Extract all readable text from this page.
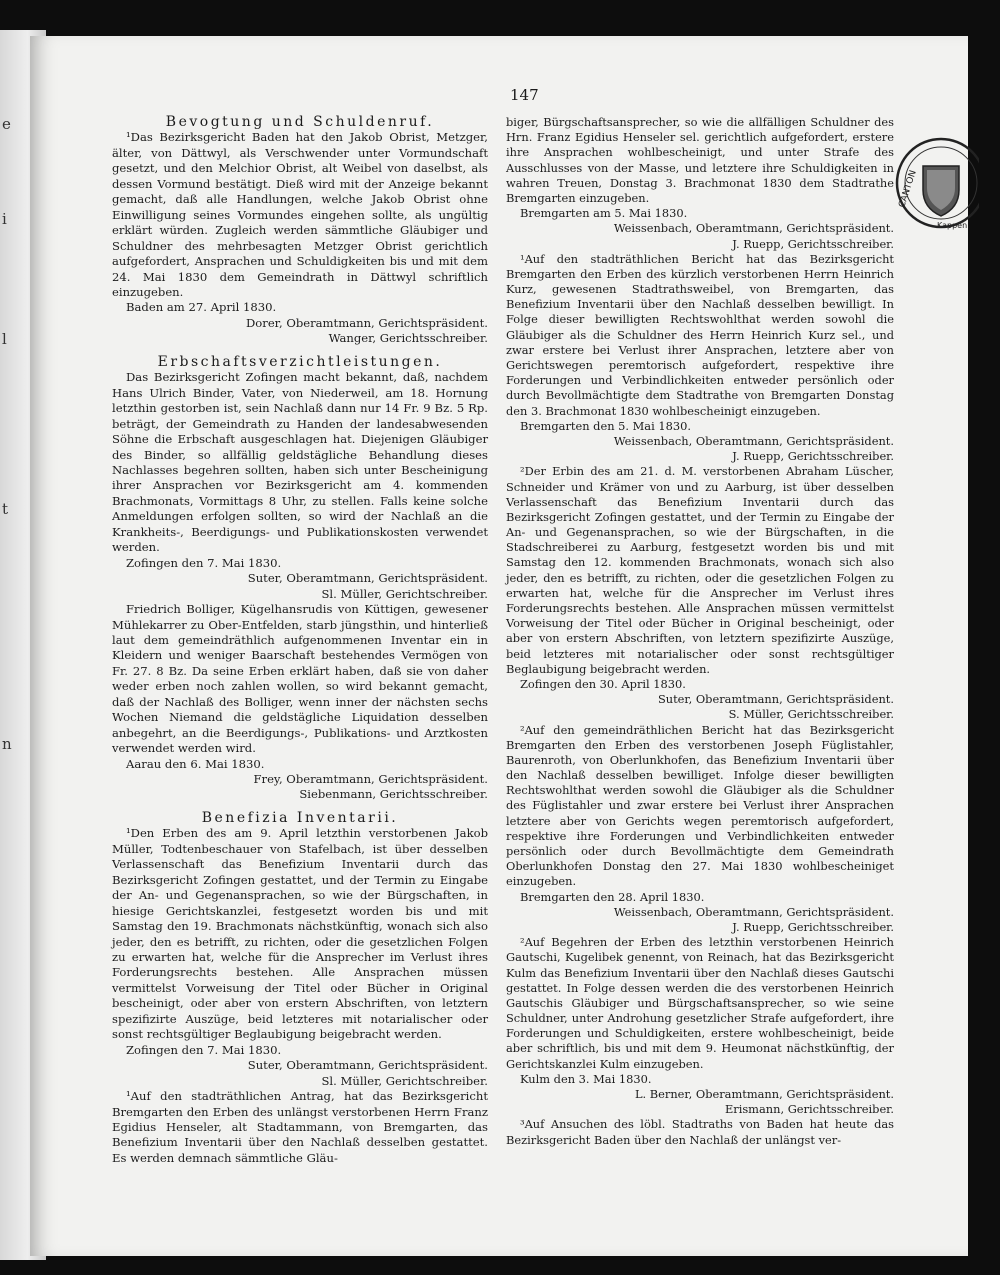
e
i
l
t
n
147

Bevogtung und Schuldenruf.

¹Das Bezirksgericht Baden hat den Jakob Obrist, Metzger, älter, von Dättwyl, als Verschwender unter Vormundschaft gesetzt, und den Melchior Obrist, alt Weibel von daselbst, als dessen Vormund bestätigt. Dieß wird mit der Anzeige bekannt gemacht, daß alle Handlungen, welche Jakob Obrist ohne Einwilligung seines Vormundes eingehen sollte, als ungültig erklärt würden. Zugleich werden sämmtliche Gläubiger und Schuldner des mehrbesagten Metzger Obrist gerichtlich aufgefordert, Ansprachen und Schuldigkeiten bis und mit dem 24. Mai 1830 dem Gemeindrath in Dättwyl schriftlich einzugeben.

Baden am 27. April 1830.

Dorer, Oberamtmann, Gerichtspräsident.

Wanger, Gerichtsschreiber.

Erbschaftsverzichtleistungen.

Das Bezirksgericht Zofingen macht bekannt, daß, nachdem Hans Ulrich Binder, Vater, von Niederweil, am 18. Hornung letzthin gestorben ist, sein Nachlaß dann nur 14 Fr. 9 Bz. 5 Rp. beträgt, der Gemeindrath zu Handen der landesabwesenden Söhne die Erbschaft ausgeschlagen hat. Diejenigen Gläubiger des Binder, so allfällig geldstägliche Behandlung dieses Nachlasses begehren sollten, haben sich unter Bescheinigung ihrer Ansprachen vor Bezirksgericht am 4. kommenden Brachmonats, Vormittags 8 Uhr, zu stellen. Falls keine solche Anmeldungen erfolgen sollten, so wird der Nachlaß an die Krankheits-, Beerdigungs- und Publikationskosten verwendet werden.

Zofingen den 7. Mai 1830.

Suter, Oberamtmann, Gerichtspräsident.

Sl. Müller, Gerichtschreiber.

Friedrich Bolliger, Kügelhansrudis von Küttigen, gewesener Mühlekarrer zu Ober-Entfelden, starb jüngsthin, und hinterließ laut dem gemeindräthlich aufgenommenen Inventar ein in Kleidern und weniger Baarschaft bestehendes Vermögen von Fr. 27. 8 Bz. Da seine Erben erklärt haben, daß sie von daher weder erben noch zahlen wollen, so wird bekannt gemacht, daß der Nachlaß des Bolliger, wenn inner der nächsten sechs Wochen Niemand die geldstägliche Liquidation desselben anbegehrt, an die Beerdigungs-, Publikations- und Arztkosten verwendet werden wird.

Aarau den 6. Mai 1830.

Frey, Oberamtmann, Gerichtspräsident.

Siebenmann, Gerichtsschreiber.

Benefizia Inventarii.

¹Den Erben des am 9. April letzthin verstorbenen Jakob Müller, Todtenbeschauer von Stafelbach, ist über desselben Verlassenschaft das Benefizium Inventarii durch das Bezirksgericht Zofingen gestattet, und der Termin zu Eingabe der An- und Gegenansprachen, so wie der Bürgschaften, in hiesige Gerichtskanzlei, festgesetzt worden bis und mit Samstag den 19. Brachmonats nächstkünftig, wonach sich also jeder, den es betrifft, zu richten, oder die gesetzlichen Folgen zu erwarten hat, welche für die Ansprecher im Verlust ihres Forderungsrechts bestehen. Alle Ansprachen müssen vermittelst Vorweisung der Titel oder Bücher in Original bescheinigt, oder aber von erstern Abschriften, von letztern spezifizirte Auszüge, beid letzteres mit notarialischer oder sonst rechtsgültiger Beglaubigung beigebracht werden.

Zofingen den 7. Mai 1830.

Suter, Oberamtmann, Gerichtspräsident.

Sl. Müller, Gerichtschreiber.

¹Auf den stadträthlichen Antrag, hat das Bezirksgericht Bremgarten den Erben des unlängst verstorbenen Herrn Franz Egidius Henseler, alt Stadtammann, von Bremgarten, das Benefizium Inventarii über den Nachlaß desselben gestattet. Es werden demnach sämmtliche Gläu-

biger, Bürgschaftsansprecher, so wie die allfälligen Schuldner des Hrn. Franz Egidius Henseler sel. gerichtlich aufgefordert, erstere ihre Ansprachen wohlbescheinigt, und unter Strafe des Ausschlusses von der Masse, und letztere ihre Schuldigkeiten in wahren Treuen, Donstag 3. Brachmonat 1830 dem Stadtrathe Bremgarten einzugeben.

Bremgarten am 5. Mai 1830.

Weissenbach, Oberamtmann, Gerichtspräsident.

J. Ruepp, Gerichtsschreiber.

¹Auf den stadträthlichen Bericht hat das Bezirksgericht Bremgarten den Erben des kürzlich verstorbenen Herrn Heinrich Kurz, gewesenen Stadtrathsweibel, von Bremgarten, das Benefizium Inventarii über den Nachlaß desselben bewilligt. In Folge dieser bewilligten Rechtswohlthat werden sowohl die Gläubiger als die Schuldner des Herrn Heinrich Kurz sel., und zwar erstere bei Verlust ihrer Ansprachen, letztere aber von Gerichtswegen peremtorisch aufgefordert, respektive ihre Forderungen und Verbindlichkeiten entweder persönlich oder durch Bevollmächtigte dem Stadtrathe von Bremgarten Donstag den 3. Brachmonat 1830 wohlbescheinigt einzugeben.

Bremgarten den 5. Mai 1830.

Weissenbach, Oberamtmann, Gerichtspräsident.

J. Ruepp, Gerichtsschreiber.

²Der Erbin des am 21. d. M. verstorbenen Abraham Lüscher, Schneider und Krämer von und zu Aarburg, ist über desselben Verlassenschaft das Benefizium Inventarii durch das Bezirksgericht Zofingen gestattet, und der Termin zu Eingabe der An- und Gegenansprachen, so wie der Bürgschaften, in die Stadschreiberei zu Aarburg, festgesetzt worden bis und mit Samstag den 12. kommenden Brachmonats, wonach sich also jeder, den es betrifft, zu richten, oder die gesetzlichen Folgen zu erwarten hat, welche für die Ansprecher im Verlust ihres Forderungsrechts bestehen. Alle Ansprachen müssen vermittelst Vorweisung der Titel oder Bücher in Original bescheinigt, oder aber von erstern Abschriften, von letztern spezifizirte Auszüge, beid letzteres mit notarialischer oder sonst rechtsgültiger Beglaubigung beigebracht werden.

Zofingen den 30. April 1830.

Suter, Oberamtmann, Gerichtspräsident.

S. Müller, Gerichtsschreiber.

²Auf den gemeindräthlichen Bericht hat das Bezirksgericht Bremgarten den Erben des verstorbenen Joseph Füglistahler, Baurenroth, von Oberlunkhofen, das Benefizium Inventarii über den Nachlaß desselben bewilliget. Infolge dieser bewilligten Rechtswohlthat werden sowohl die Gläubiger als die Schuldner des Füglistahler und zwar erstere bei Verlust ihrer Ansprachen letztere aber von Gerichts wegen peremtorisch aufgefordert, respektive ihre Forderungen und Verbindlichkeiten entweder persönlich oder durch Bevollmächtigte dem Gemeindrath Oberlunkhofen Donstag den 27. Mai 1830 wohlbescheiniget einzugeben.

Bremgarten den 28. April 1830.

Weissenbach, Oberamtmann, Gerichtspräsident.

J. Ruepp, Gerichtsschreiber.

²Auf Begehren der Erben des letzthin verstorbenen Heinrich Gautschi, Kugelibek genennt, von Reinach, hat das Bezirksgericht Kulm das Benefizium Inventarii über den Nachlaß dieses Gautschi gestattet. In Folge dessen werden die des verstorbenen Heinrich Gautschis Gläubiger und Bürgschaftsansprecher, so wie seine Schuldner, unter Androhung gesetzlicher Strafe aufgefordert, ihre Forderungen und Schuldigkeiten, erstere wohlbescheinigt, beide aber schriftlich, bis und mit dem 9. Heumonat nächstkünftig, der Gerichtskanzlei Kulm einzugeben.

Kulm den 3. Mai 1830.

L. Berner, Oberamtmann, Gerichtspräsident.

Erismann, Gerichtsschreiber.

³Auf Ansuchen des löbl. Stadtraths von Baden hat heute das Bezirksgericht Baden über den Nachlaß der unlängst ver-

CANTON
Kappen
